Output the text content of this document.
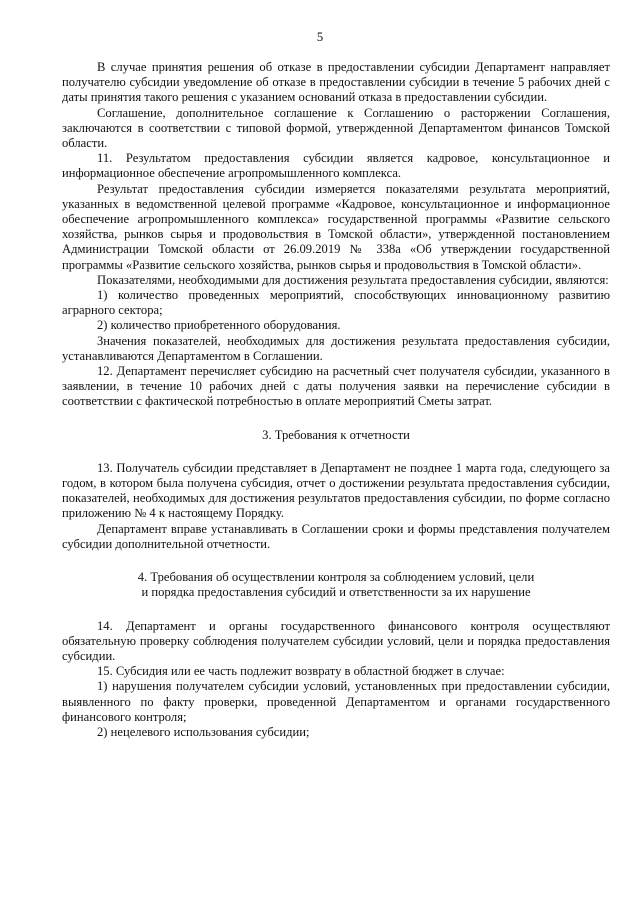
5

В случае принятия решения об отказе в предоставлении субсидии Департамент направляет получателю субсидии уведомление об отказе в предоставлении субсидии в течение 5 рабочих дней с даты принятия такого решения с указанием оснований отказа в предоставлении субсидии.

Соглашение, дополнительное соглашение к Соглашению о расторжении Соглашения, заключаются в соответствии с типовой формой, утвержденной Департаментом финансов Томской области.

11. Результатом предоставления субсидии является кадровое, консультационное и информационное обеспечение агропромышленного комплекса.

Результат предоставления субсидии измеряется показателями результата мероприятий, указанных в ведомственной целевой программе «Кадровое, консультационное и информационное обеспечение агропромышленного комплекса» государственной программы «Развитие сельского хозяйства, рынков сырья и продовольствия в Томской области», утвержденной постановлением Администрации Томской области от 26.09.2019 № 338а «Об утверждении государственной программы «Развитие сельского хозяйства, рынков сырья и продовольствия в Томской области».

Показателями, необходимыми для достижения результата предоставления субсидии, являются:

1) количество проведенных мероприятий, способствующих инновационному развитию аграрного сектора;

2) количество приобретенного оборудования.

Значения показателей, необходимых для достижения результата предоставления субсидии, устанавливаются Департаментом в Соглашении.

12. Департамент перечисляет субсидию на расчетный счет получателя субсидии, указанного в заявлении, в течение 10 рабочих дней с даты получения заявки на перечисление субсидии в соответствии с фактической потребностью в оплате мероприятий Сметы затрат.

3. Требования к отчетности

13. Получатель субсидии представляет в Департамент не позднее 1 марта года, следующего за годом, в котором была получена субсидия, отчет о достижении результата предоставления субсидии, показателей, необходимых для достижения результатов предоставления субсидии, по форме согласно приложению № 4 к настоящему Порядку.

Департамент вправе устанавливать в Соглашении сроки и формы представления получателем субсидии дополнительной отчетности.

4. Требования об осуществлении контроля за соблюдением условий, цели

и порядка предоставления субсидий и ответственности за их нарушение

14. Департамент и органы государственного финансового контроля осуществляют обязательную проверку соблюдения получателем субсидии условий, цели и порядка предоставления субсидии.

15. Субсидия или ее часть подлежит возврату в областной бюджет в случае:

1) нарушения получателем субсидии условий, установленных при предоставлении субсидии, выявленного по факту проверки, проведенной Департаментом и органами государственного финансового контроля;

2) нецелевого использования субсидии;
